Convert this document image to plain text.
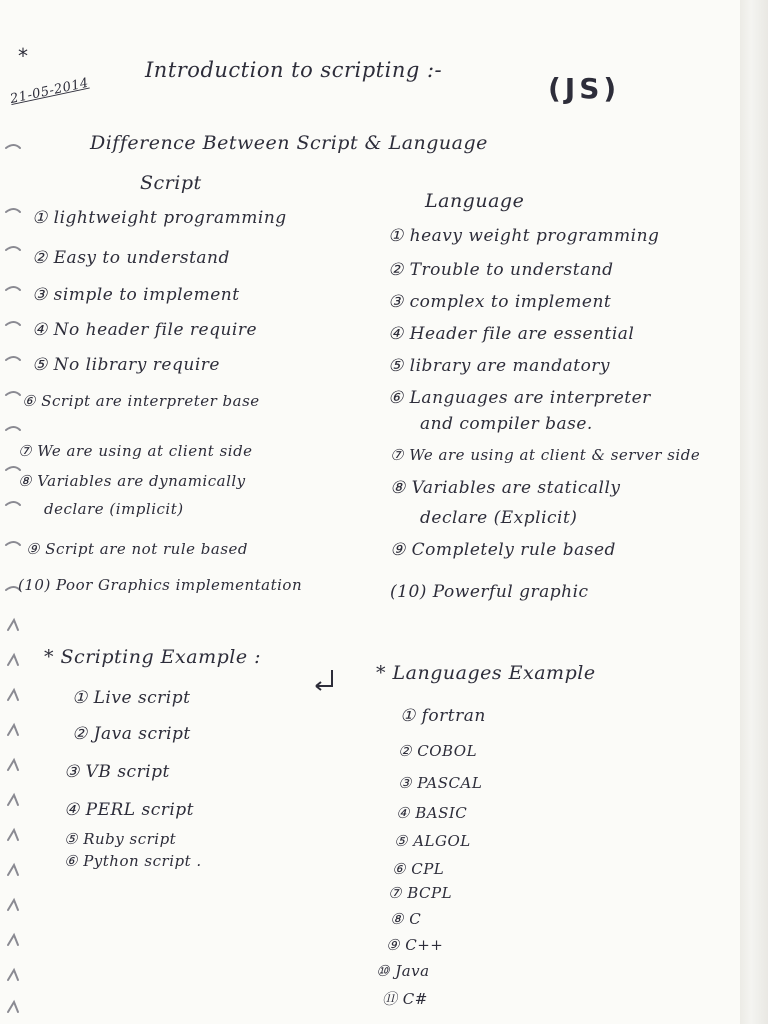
*
21-05-2014
Introduction to scripting :-
(JS)
Difference Between Script & Language
Script
Language
① lightweight programming
② Easy to understand
③ simple to implement
④ No header file require
⑤ No library require
⑥ Script are interpreter base
⑦ We are using at client side
⑧ Variables are dynamically
declare (implicit)
⑨ Script are not rule based
(10) Poor Graphics implementation
① heavy weight programming
② Trouble to understand
③ complex to implement
④ Header file are essential
⑤ library are mandatory
⑥ Languages are interpreter
and compiler base.
⑦ We are using at client & server side
⑧ Variables are statically
declare (Explicit)
⑨ Completely rule based
(10) Powerful graphic
* Scripting Example :
① Live script
② Java script
③ VB script
④ PERL script
⑤ Ruby script
⑥ Python script .
* Languages Example
① fortran
② COBOL
③ PASCAL
④ BASIC
⑤ ALGOL
⑥ CPL
⑦ BCPL
⑧ C
⑨ C++
⑩ Java
⑪ C#
